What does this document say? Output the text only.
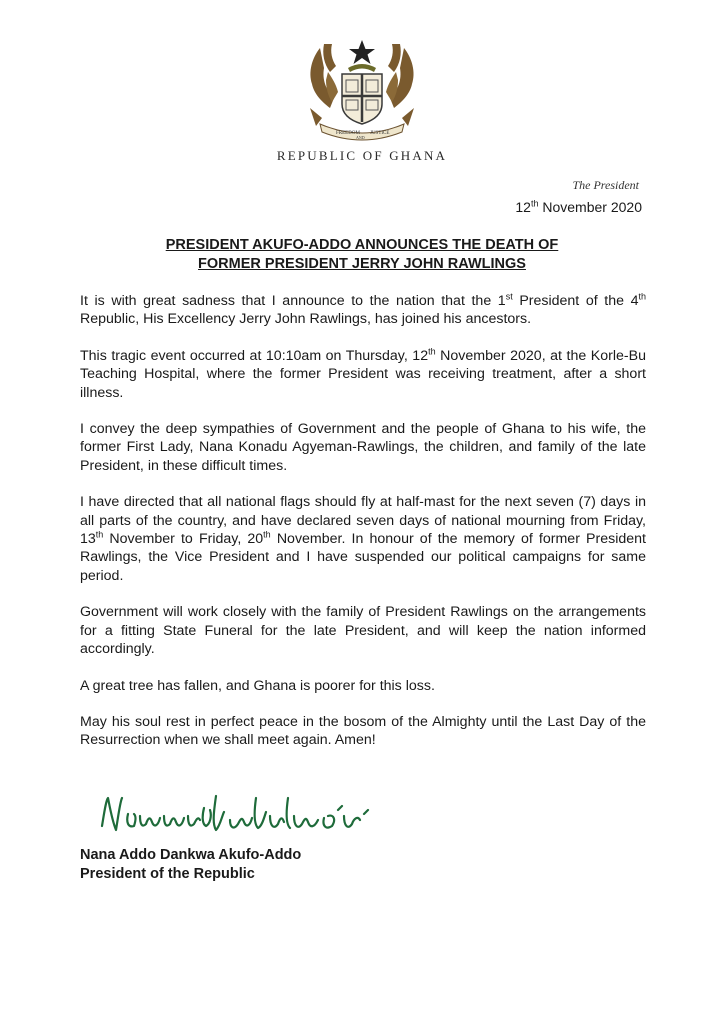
FREEDOM
AND
JUSTICE
REPUBLIC OF GHANA
The President
12th November 2020
PRESIDENT AKUFO-ADDO ANNOUNCES THE DEATH OF
FORMER PRESIDENT JERRY JOHN RAWLINGS

It is with great sadness that I announce to the nation that the 1st President of the 4th Republic, His Excellency Jerry John Rawlings, has joined his ancestors.

This tragic event occurred at 10:10am on Thursday, 12th November 2020, at the Korle-Bu Teaching Hospital, where the former President was receiving treatment, after a short illness.

I convey the deep sympathies of Government and the people of Ghana to his wife, the former First Lady, Nana Konadu Agyeman-Rawlings, the children, and family of the late President, in these difficult times.

I have directed that all national flags should fly at half-mast for the next seven (7) days in all parts of the country, and have declared seven days of national mourning from Friday, 13th November to Friday, 20th November. In honour of the memory of former President Rawlings, the Vice President and I have suspended our political campaigns for same period.

Government will work closely with the family of President Rawlings on the arrangements for a fitting State Funeral for the late President, and will keep the nation informed accordingly.

A great tree has fallen, and Ghana is poorer for this loss.

May his soul rest in perfect peace in the bosom of the Almighty until the Last Day of the Resurrection when we shall meet again. Amen!

Nana Addo Dankwa Akufo-Addo
President of the Republic
